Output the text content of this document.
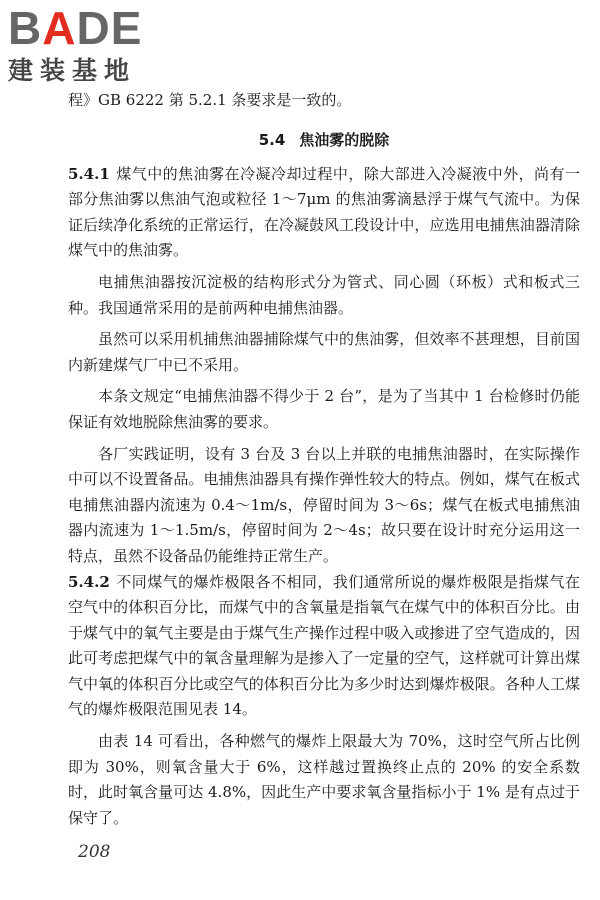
B A DE
建装基地

程》GB 6222 第 5.2.1 条要求是一致的。

5.4 焦油雾的脱除

5.4.1 煤气中的焦油雾在冷凝冷却过程中，除大部进入冷凝液中外，尚有一部分焦油雾以焦油气泡或粒径 1～7μm 的焦油雾滴悬浮于煤气气流中。为保证后续净化系统的正常运行，在冷凝鼓风工段设计中，应选用电捕焦油器清除煤气中的焦油雾。

电捕焦油器按沉淀极的结构形式分为管式、同心圆（环板）式和板式三种。我国通常采用的是前两种电捕焦油器。

虽然可以采用机捕焦油器捕除煤气中的焦油雾，但效率不甚理想，目前国内新建煤气厂中已不采用。

本条文规定“电捕焦油器不得少于 2 台”，是为了当其中 1 台检修时仍能保证有效地脱除焦油雾的要求。

各厂实践证明，设有 3 台及 3 台以上并联的电捕焦油器时，在实际操作中可以不设置备品。电捕焦油器具有操作弹性较大的特点。例如，煤气在板式电捕焦油器内流速为 0.4～1m/s，停留时间为 3～6s；煤气在板式电捕焦油器内流速为 1～1.5m/s，停留时间为 2～4s；故只要在设计时充分运用这一特点，虽然不设备品仍能维持正常生产。

5.4.2 不同煤气的爆炸极限各不相同，我们通常所说的爆炸极限是指煤气在空气中的体积百分比，而煤气中的含氧量是指氧气在煤气中的体积百分比。由于煤气中的氧气主要是由于煤气生产操作过程中吸入或掺进了空气造成的，因此可考虑把煤气中的氧含量理解为是掺入了一定量的空气，这样就可计算出煤气中氧的体积百分比或空气的体积百分比为多少时达到爆炸极限。各种人工煤气的爆炸极限范围见表 14。

由表 14 可看出，各种燃气的爆炸上限最大为 70%，这时空气所占比例即为 30%，则氧含量大于 6%，这样越过置换终止点的 20% 的安全系数时，此时氧含量可达 4.8%，因此生产中要求氧含量指标小于 1% 是有点过于保守了。

208
